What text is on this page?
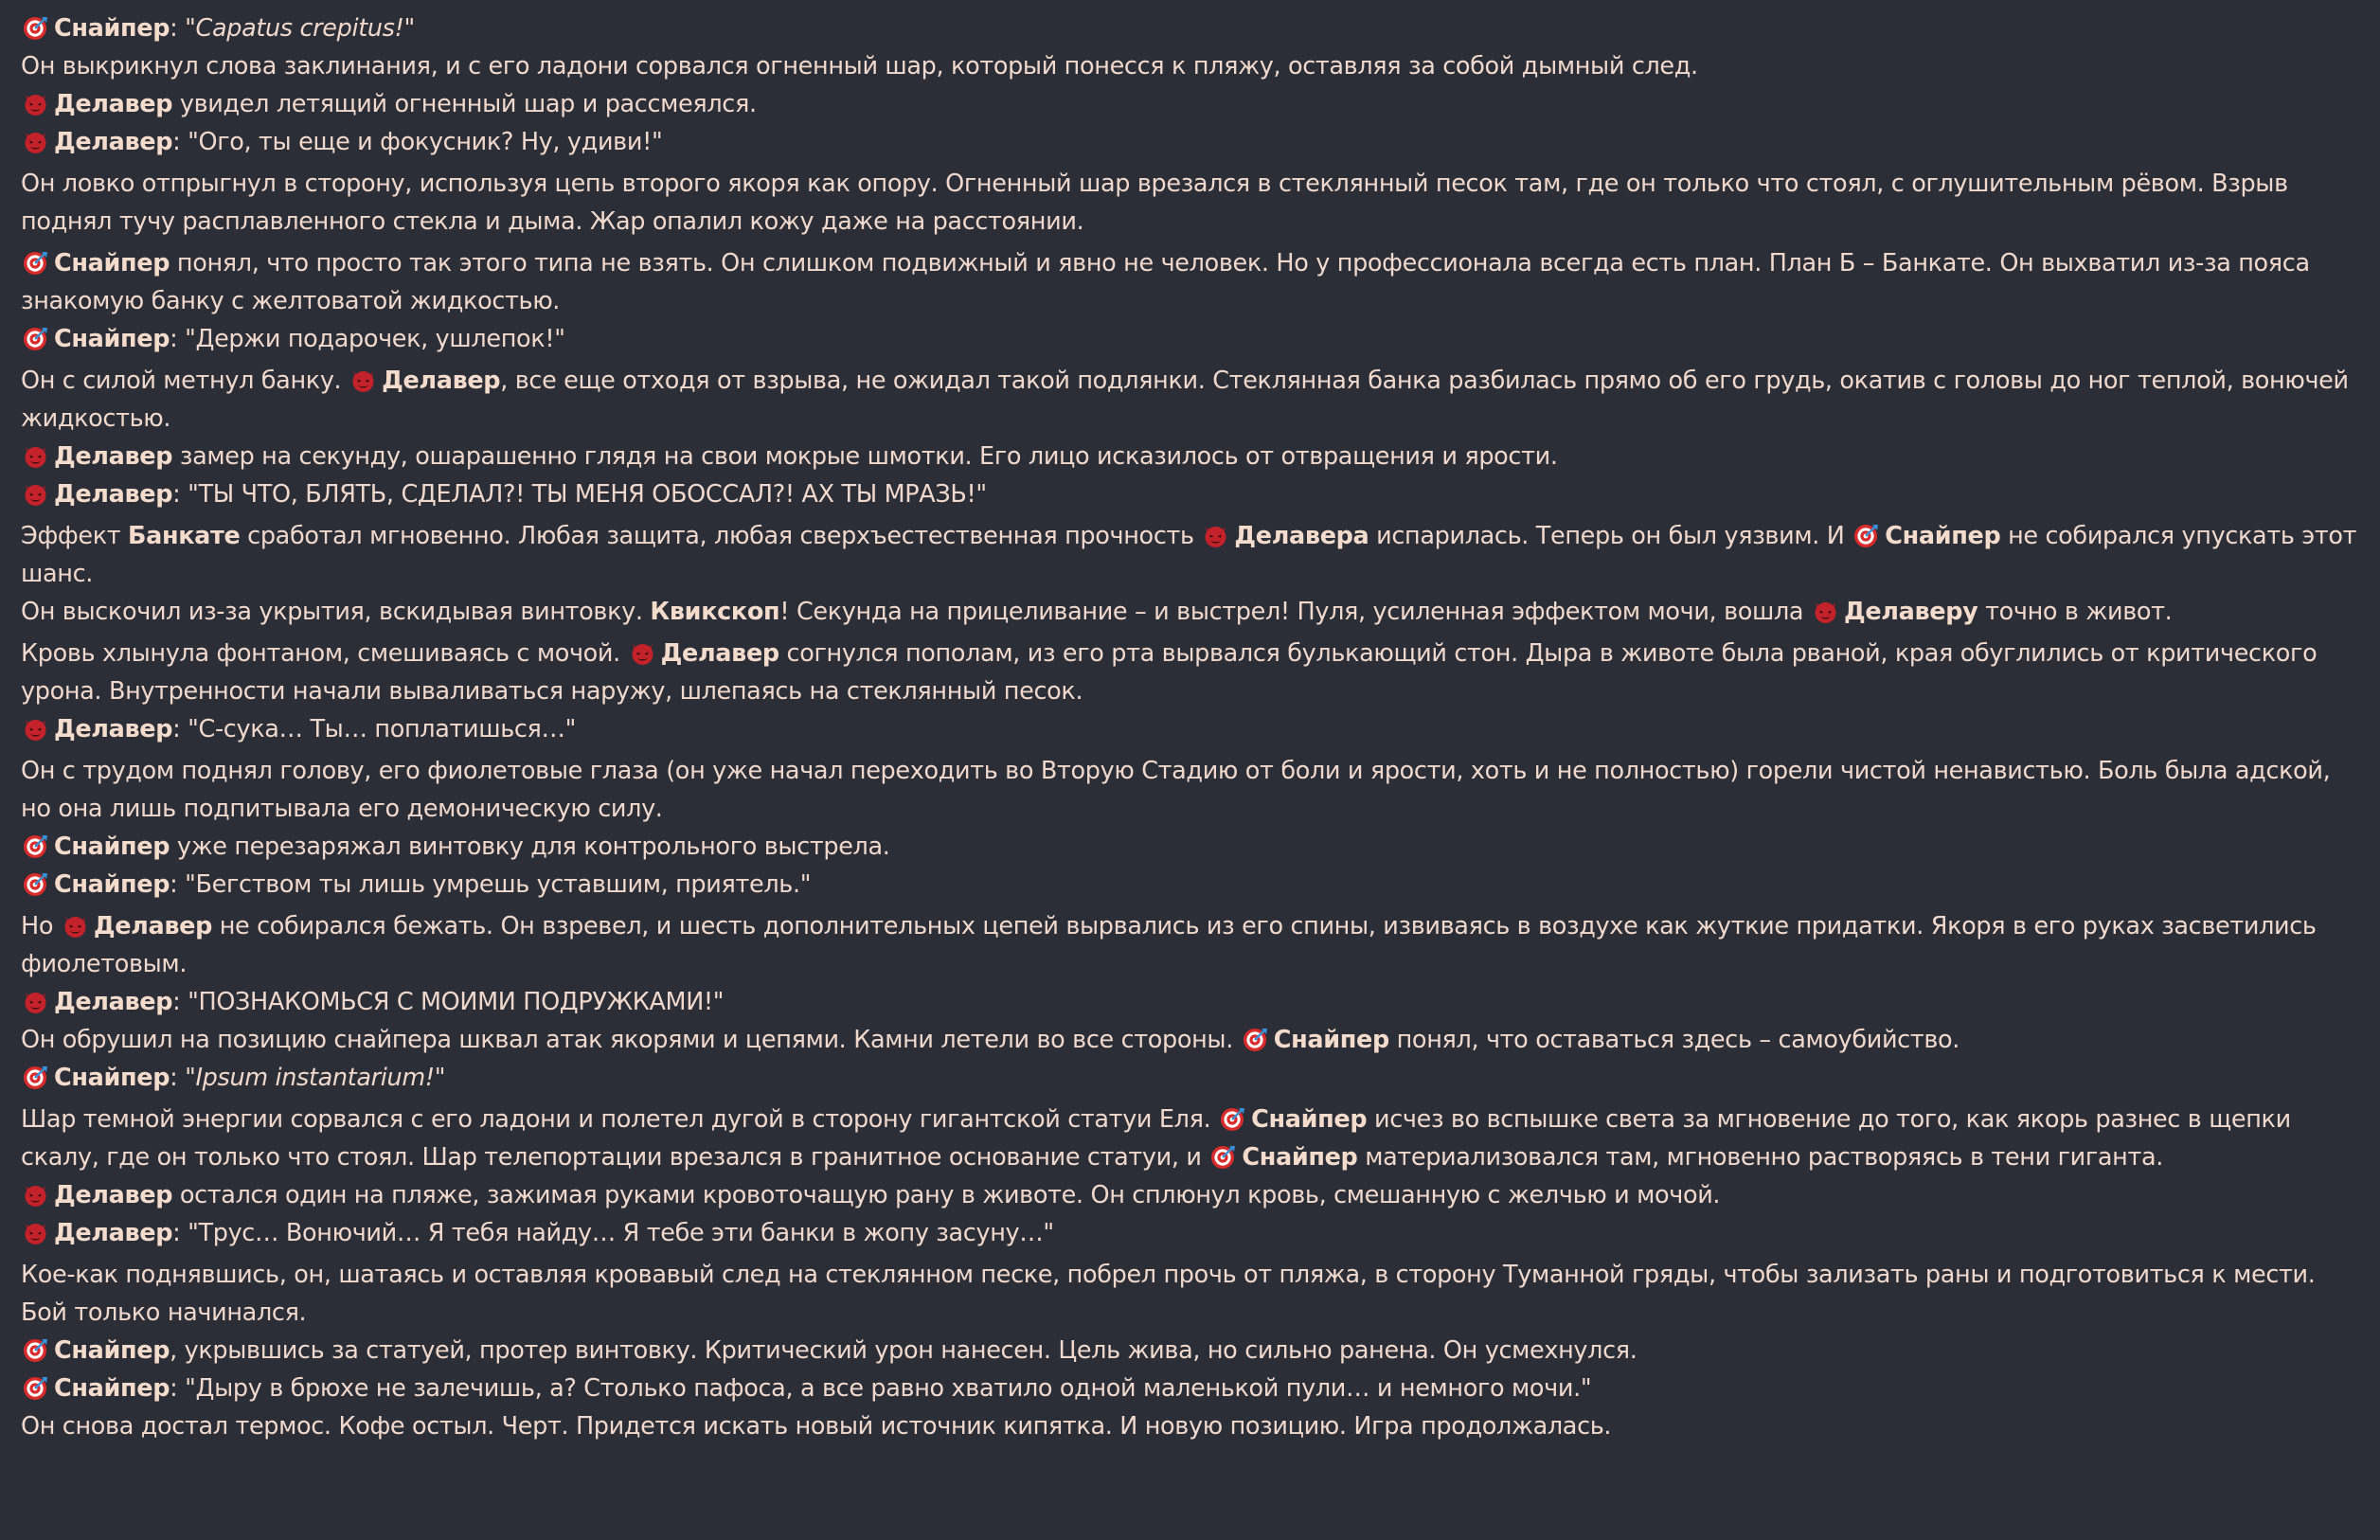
Снайпер: "Capatus crepitus!"
Он выкрикнул слова заклинания, и с его ладони сорвался огненный шар, который понесся к пляжу, оставляя за собой дымный след.
Делавер увидел летящий огненный шар и рассмеялся.
Делавер: "Ого, ты еще и фокусник? Ну, удиви!"
Он ловко отпрыгнул в сторону, используя цепь второго якоря как опору. Огненный шар врезался в стеклянный песок там, где он только что стоял, с оглушительным рёвом. Взрыв поднял тучу расплавленного стекла и дыма. Жар опалил кожу даже на расстоянии.
Снайпер понял, что просто так этого типа не взять. Он слишком подвижный и явно не человек. Но у профессионала всегда есть план. План Б – Банкате. Он выхватил из-за пояса знакомую банку с желтоватой жидкостью.
Снайпер: "Держи подарочек, ушлепок!"
Он с силой метнул банку. Делавер, все еще отходя от взрыва, не ожидал такой подлянки. Стеклянная банка разбилась прямо об его грудь, окатив с головы до ног теплой, вонючей жидкостью.
Делавер замер на секунду, ошарашенно глядя на свои мокрые шмотки. Его лицо исказилось от отвращения и ярости.
Делавер: "ТЫ ЧТО, БЛЯТЬ, СДЕЛАЛ?! ТЫ МЕНЯ ОБОССАЛ?! АХ ТЫ МРАЗЬ!"
Эффект Банкате сработал мгновенно. Любая защита, любая сверхъестественная прочность Делавера испарилась. Теперь он был уязвим. И Снайпер не собирался упускать этот шанс.
Он выскочил из-за укрытия, вскидывая винтовку. Квикскоп! Секунда на прицеливание – и выстрел! Пуля, усиленная эффектом мочи, вошла Делаверу точно в живот.
Кровь хлынула фонтаном, смешиваясь с мочой. Делавер согнулся пополам, из его рта вырвался булькающий стон. Дыра в животе была рваной, края обуглились от критического урона. Внутренности начали вываливаться наружу, шлепаясь на стеклянный песок.
Делавер: "С-сука… Ты… поплатишься…"
Он с трудом поднял голову, его фиолетовые глаза (он уже начал переходить во Вторую Стадию от боли и ярости, хоть и не полностью) горели чистой ненавистью. Боль была адской, но она лишь подпитывала его демоническую силу.
Снайпер уже перезаряжал винтовку для контрольного выстрела.
Снайпер: "Бегством ты лишь умрешь уставшим, приятель."
Но Делавер не собирался бежать. Он взревел, и шесть дополнительных цепей вырвались из его спины, извиваясь в воздухе как жуткие придатки. Якоря в его руках засветились фиолетовым.
Делавер: "ПОЗНАКОМЬСЯ С МОИМИ ПОДРУЖКАМИ!"
Он обрушил на позицию снайпера шквал атак якорями и цепями. Камни летели во все стороны. Снайпер понял, что оставаться здесь – самоубийство.
Снайпер: "Ipsum instantarium!"
Шар темной энергии сорвался с его ладони и полетел дугой в сторону гигантской статуи Еля. Снайпер исчез во вспышке света за мгновение до того, как якорь разнес в щепки скалу, где он только что стоял. Шар телепортации врезался в гранитное основание статуи, и Снайпер материализовался там, мгновенно растворяясь в тени гиганта.
Делавер остался один на пляже, зажимая руками кровоточащую рану в животе. Он сплюнул кровь, смешанную с желчью и мочой.
Делавер: "Трус… Вонючий… Я тебя найду… Я тебе эти банки в жопу засуну…"
Кое-как поднявшись, он, шатаясь и оставляя кровавый след на стеклянном песке, побрел прочь от пляжа, в сторону Туманной гряды, чтобы зализать раны и подготовиться к мести. Бой только начинался.
Снайпер, укрывшись за статуей, протер винтовку. Критический урон нанесен. Цель жива, но сильно ранена. Он усмехнулся.
Снайпер: "Дыру в брюхе не залечишь, а? Столько пафоса, а все равно хватило одной маленькой пули… и немного мочи."
Он снова достал термос. Кофе остыл. Черт. Придется искать новый источник кипятка. И новую позицию. Игра продолжалась.
